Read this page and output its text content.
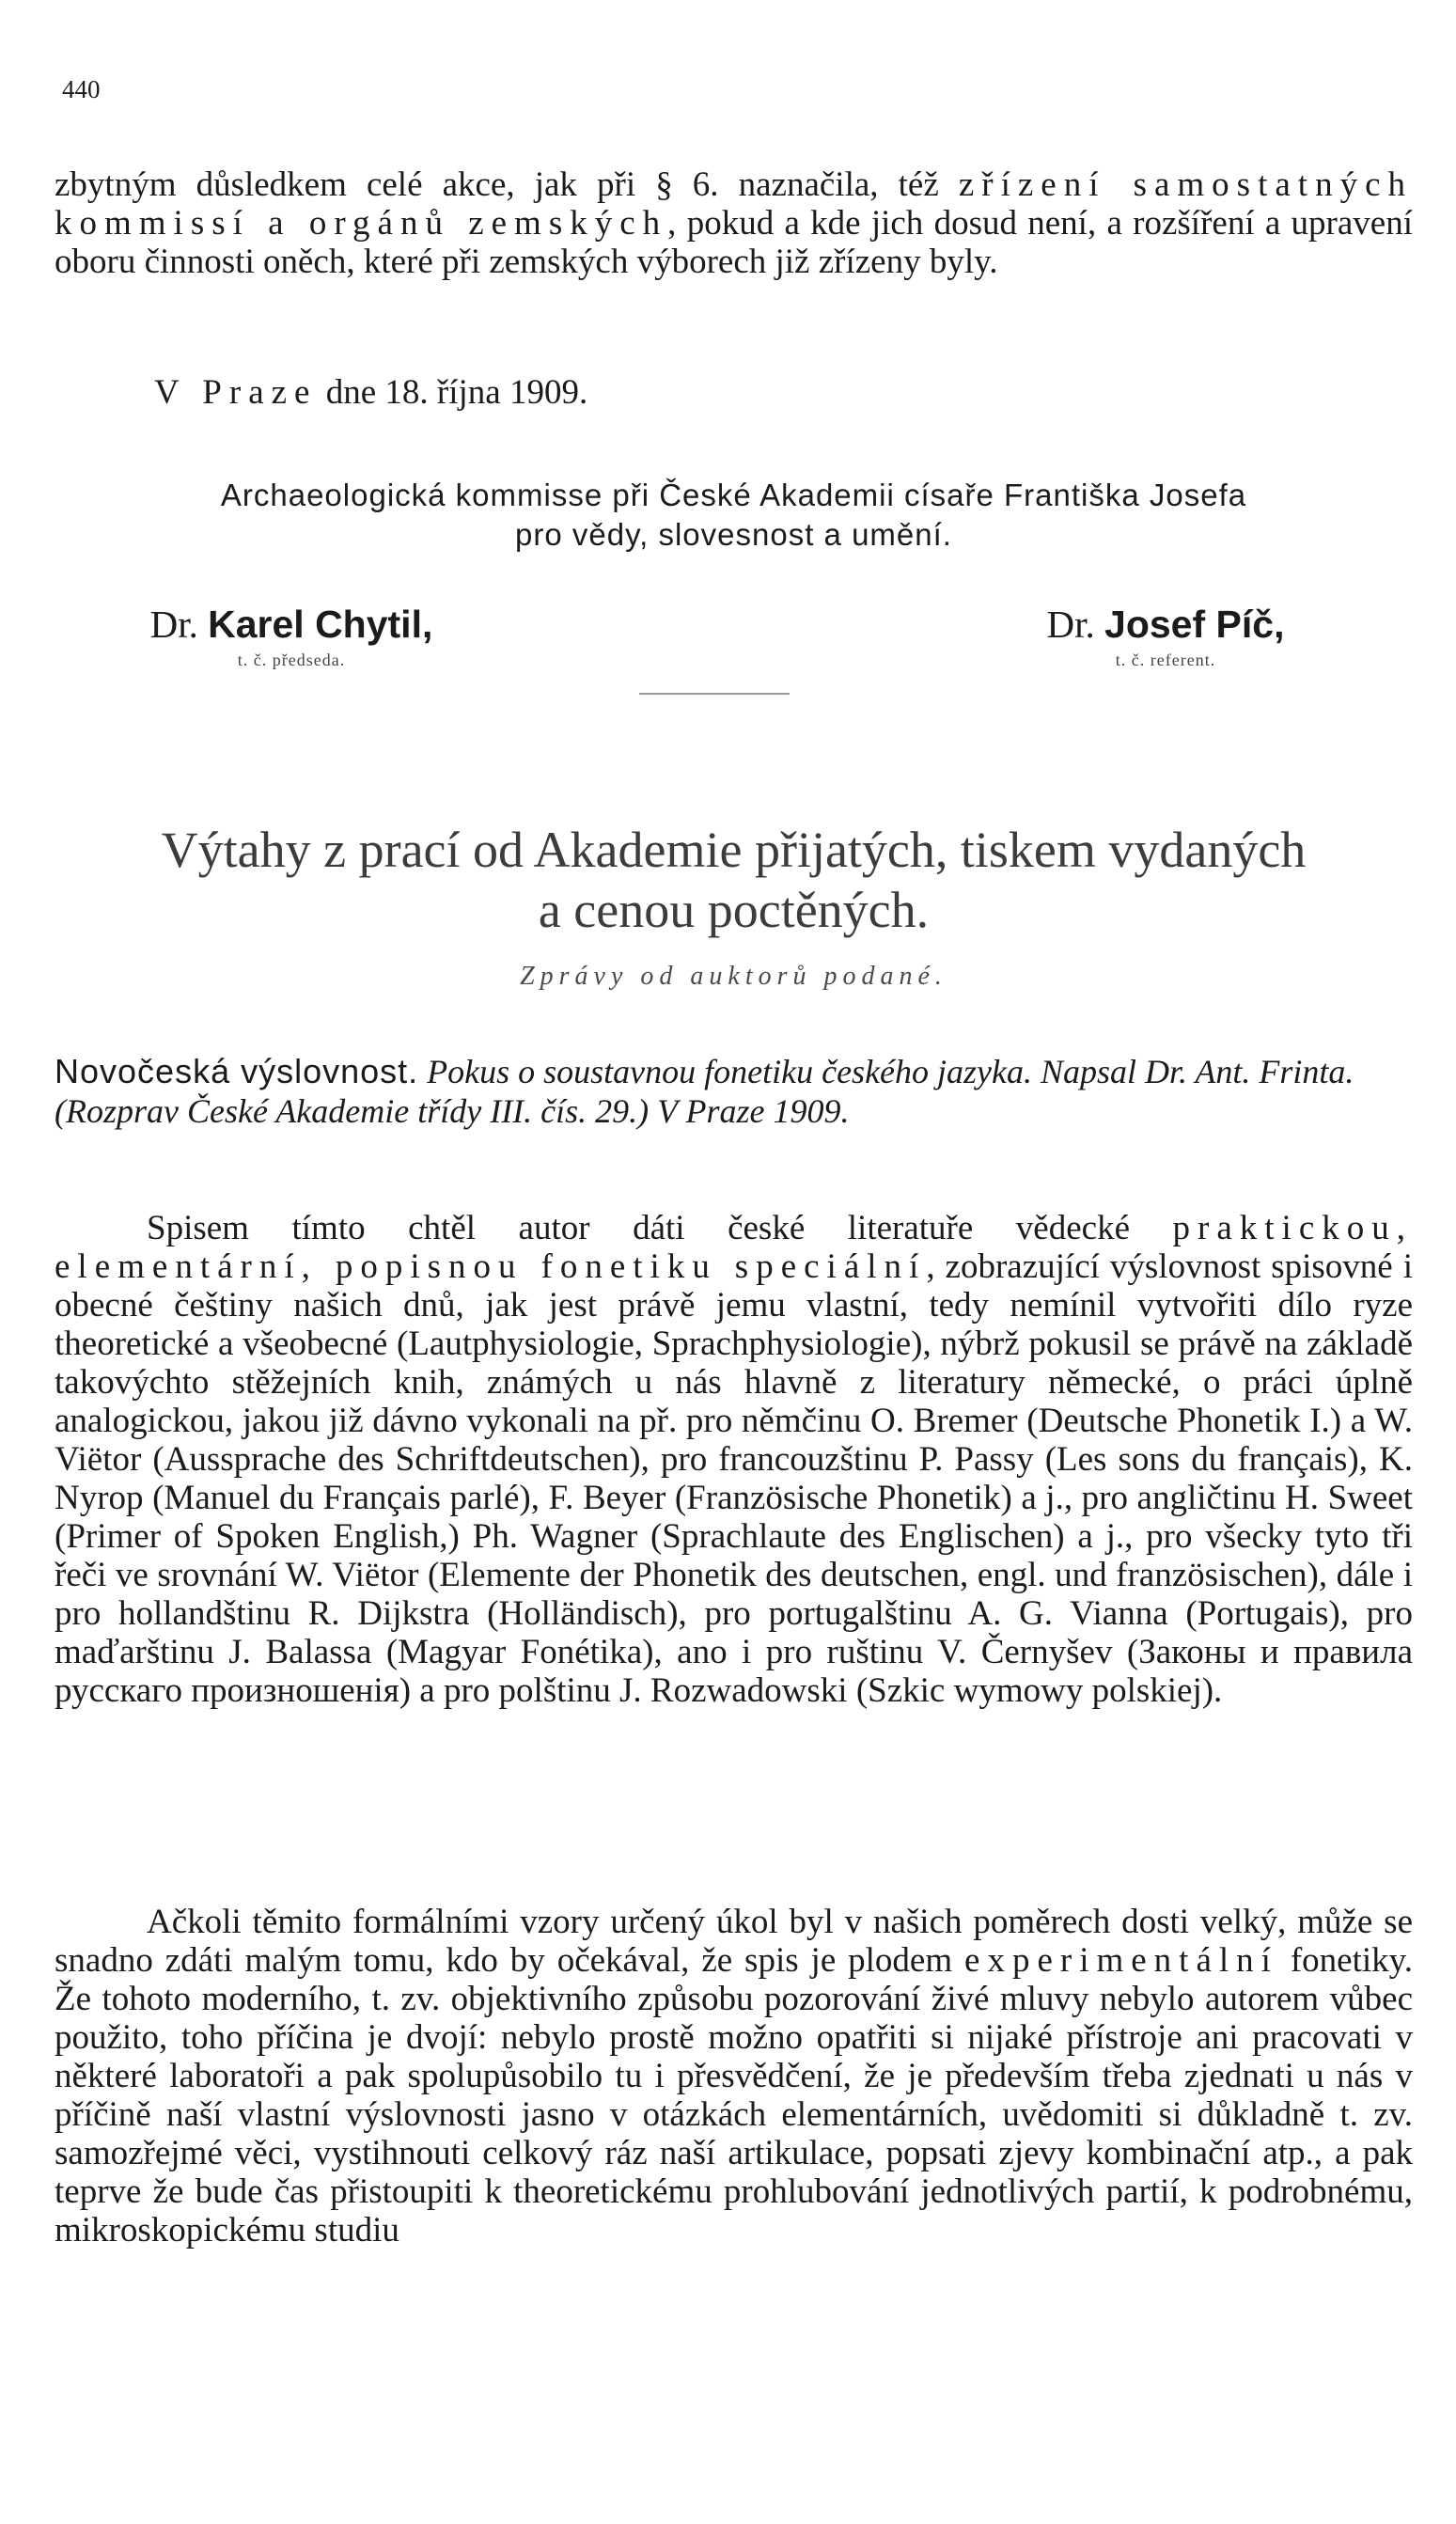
440

zbytným důsledkem celé akce, jak při § 6. naznačila, též zřízení samostatných kommissí a orgánů zemských, pokud a kde jich dosud není, a rozšíření a upravení oboru činnosti oněch, které při zemských výborech již zřízeny byly.

V Praze dne 18. října 1909.
Archaeologická kommisse při České Akademii císaře Františka Josefa
pro vědy, slovesnost a umění.
Dr. Karel Chytil,
t. č. předseda.
Dr. Josef Píč,
t. č. referent.
Výtahy z prací od Akademie přijatých, tiskem vydaných
a cenou poctěných.
Zprávy od auktorů podané.

Novočeská výslovnost. Pokus o soustavnou fonetiku českého jazyka. Napsal Dr. Ant. Frinta. (Rozprav České Akademie třídy III. čís. 29.) V Praze 1909.

Spisem tímto chtěl autor dáti české literatuře vědecké praktickou, elementární, popisnou fonetiku speciální, zobrazující výslovnost spisovné i obecné češtiny našich dnů, jak jest právě jemu vlastní, tedy nemínil vytvořiti dílo ryze theoretické a všeobecné (Lautphysiologie, Sprachphysiologie), nýbrž pokusil se právě na základě takovýchto stěžejních knih, známých u nás hlavně z literatury německé, o práci úplně analogickou, jakou již dávno vykonali na př. pro němčinu O. Bremer (Deutsche Phonetik I.) a W. Viëtor (Aussprache des Schriftdeutschen), pro francouzštinu P. Passy (Les sons du français), K. Nyrop (Manuel du Français parlé), F. Beyer (Französische Phonetik) a j., pro angličtinu H. Sweet (Primer of Spoken English,) Ph. Wagner (Sprachlaute des Englischen) a j., pro všecky tyto tři řeči ve srovnání W. Viëtor (Elemente der Phonetik des deutschen, engl. und französischen), dále i pro hollandštinu R. Dijkstra (Holländisch), pro portugalštinu A. G. Vianna (Portugais), pro maďarštinu J. Balassa (Magyar Fonétika), ano i pro ruštinu V. Černyšev (Законы и правила русскаго произношенія) a pro polštinu J. Rozwadowski (Szkic wymowy polskiej).

Ačkoli těmito formálními vzory určený úkol byl v našich poměrech dosti velký, může se snadno zdáti malým tomu, kdo by očekával, že spis je plodem experimentální fonetiky. Že tohoto moderního, t. zv. objektivního způsobu pozorování živé mluvy nebylo autorem vůbec použito, toho příčina je dvojí: nebylo prostě možno opatřiti si nijaké přístroje ani pracovati v některé laboratoři a pak spolupůsobilo tu i přesvědčení, že je především třeba zjednati u nás v příčině naší vlastní výslovnosti jasno v otázkách elementárních, uvědomiti si důkladně t. zv. samozřejmé věci, vystihnouti celkový ráz naší artikulace, popsati zjevy kombinační atp., a pak teprve že bude čas přistoupiti k theoretickému prohlubování jednotlivých partií, k podrobnému, mikroskopickému studiu
